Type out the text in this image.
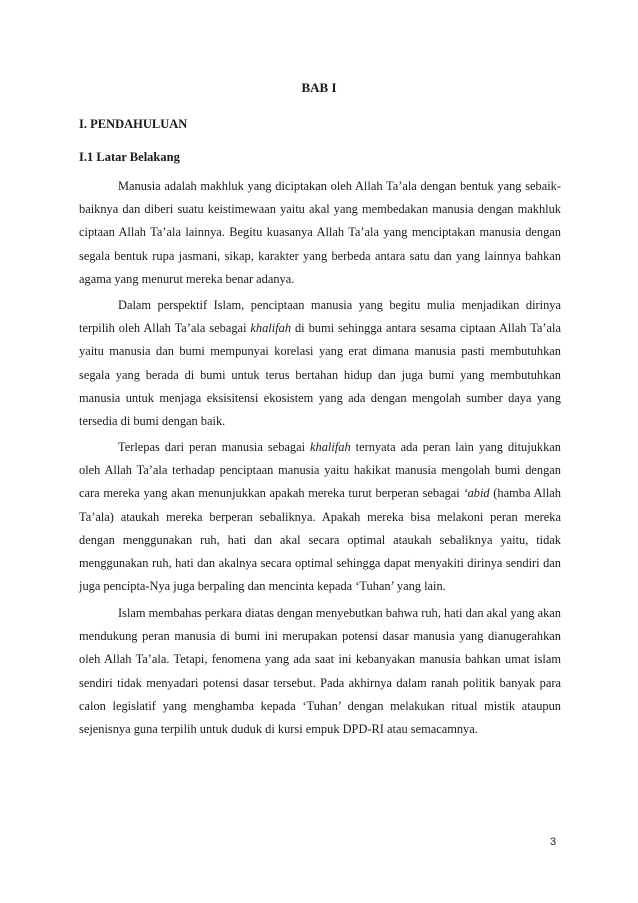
BAB I
I. PENDAHULUAN
I.1 Latar Belakang

Manusia adalah makhluk yang diciptakan oleh Allah Ta’ala dengan bentuk yang sebaik-baiknya dan diberi suatu keistimewaan yaitu akal yang membedakan manusia dengan makhluk ciptaan Allah Ta’ala lainnya. Begitu kuasanya Allah Ta’ala yang menciptakan manusia dengan segala bentuk rupa jasmani, sikap, karakter yang berbeda antara satu dan yang lainnya bahkan agama yang menurut mereka benar adanya.

Dalam perspektif Islam, penciptaan manusia yang begitu mulia menjadikan dirinya terpilih oleh Allah Ta’ala sebagai khalifah di bumi sehingga antara sesama ciptaan Allah Ta’ala yaitu manusia dan bumi mempunyai korelasi yang erat dimana manusia pasti membutuhkan segala yang berada di bumi untuk terus bertahan hidup dan juga bumi yang membutuhkan manusia untuk menjaga eksisitensi ekosistem yang ada dengan mengolah sumber daya yang tersedia di bumi dengan baik.

Terlepas dari peran manusia sebagai khalifah ternyata ada peran lain yang ditujukkan oleh Allah Ta’ala terhadap penciptaan manusia yaitu hakikat manusia mengolah bumi dengan cara mereka yang akan menunjukkan apakah mereka turut berperan sebagai ‘abid (hamba Allah Ta’ala) ataukah mereka berperan sebaliknya. Apakah mereka bisa melakoni peran mereka dengan menggunakan ruh, hati dan akal secara optimal ataukah sebaliknya yaitu, tidak menggunakan ruh, hati dan akalnya secara optimal sehingga dapat menyakiti dirinya sendiri dan juga pencipta-Nya juga berpaling dan mencinta kepada ‘Tuhan’ yang lain.

Islam membahas perkara diatas dengan menyebutkan bahwa ruh, hati dan akal yang akan mendukung peran manusia di bumi ini merupakan potensi dasar manusia yang dianugerahkan oleh Allah Ta’ala. Tetapi, fenomena yang ada saat ini kebanyakan manusia bahkan umat islam sendiri tidak menyadari potensi dasar tersebut. Pada akhirnya dalam ranah politik banyak para calon legislatif yang menghamba kepada ‘Tuhan’ dengan melakukan ritual mistik ataupun sejenisnya guna terpilih untuk duduk di kursi empuk DPD-RI atau semacamnya.

3
